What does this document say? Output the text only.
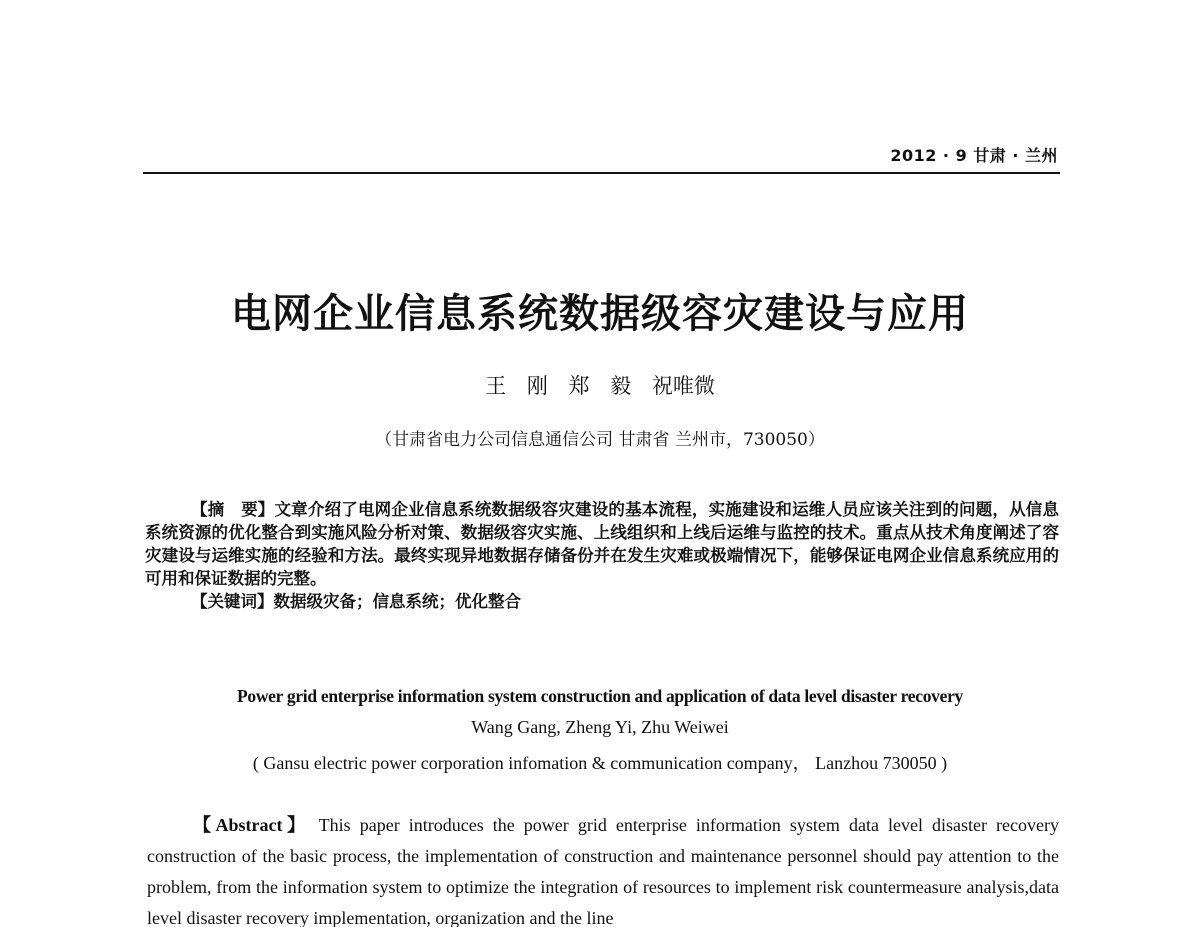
2012 · 9 甘肃 · 兰州
电网企业信息系统数据级容灾建设与应用
王 刚 郑 毅 祝唯微
（甘肃省电力公司信息通信公司 甘肃省 兰州市，730050）

【摘　要】文章介绍了电网企业信息系统数据级容灾建设的基本流程，实施建设和运维人员应该关注到的问题，从信息系统资源的优化整合到实施风险分析对策、数据级容灾实施、上线组织和上线后运维与监控的技术。重点从技术角度阐述了容灾建设与运维实施的经验和方法。最终实现异地数据存储备份并在发生灾难或极端情况下，能够保证电网企业信息系统应用的可用和保证数据的完整。

【关键词】数据级灾备；信息系统；优化整合

Power grid enterprise information system construction and application of data level disaster recovery
Wang Gang, Zheng Yi, Zhu Weiwei
( Gansu electric power corporation infomation & communication company， Lanzhou 730050 )
【Abstract】 This paper introduces the power grid enterprise information system data level disaster recovery construction of the basic process, the implementation of construction and maintenance personnel should pay attention to the problem, from the information system to optimize the integration of resources to implement risk countermeasure analysis,data level disaster recovery implementation, organization and the line
